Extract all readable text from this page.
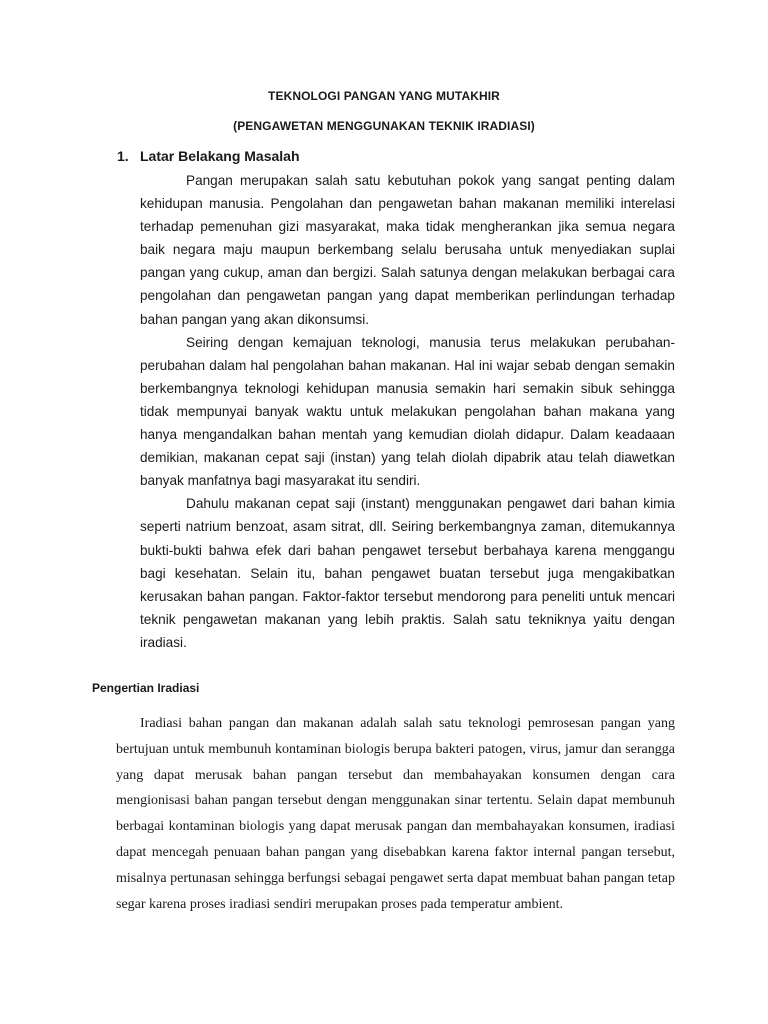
TEKNOLOGI PANGAN YANG MUTAKHIR
(PENGAWETAN MENGGUNAKAN TEKNIK IRADIASI)
1. Latar Belakang Masalah

Pangan merupakan salah satu kebutuhan pokok yang sangat penting dalam kehidupan manusia. Pengolahan dan pengawetan bahan makanan memiliki interelasi terhadap pemenuhan gizi masyarakat, maka tidak mengherankan jika semua negara baik negara maju maupun berkembang selalu berusaha untuk menyediakan suplai pangan yang cukup, aman dan bergizi. Salah satunya dengan melakukan berbagai cara pengolahan dan pengawetan pangan yang dapat memberikan perlindungan terhadap bahan pangan yang akan dikonsumsi.

Seiring dengan kemajuan teknologi, manusia terus melakukan perubahan-perubahan dalam hal pengolahan bahan makanan. Hal ini wajar sebab dengan semakin berkembangnya teknologi kehidupan manusia semakin hari semakin sibuk sehingga tidak mempunyai banyak waktu untuk melakukan pengolahan bahan makana yang hanya mengandalkan bahan mentah yang kemudian diolah didapur. Dalam keadaaan demikian, makanan cepat saji (instan) yang telah diolah dipabrik atau telah diawetkan banyak manfatnya bagi masyarakat itu sendiri.

Dahulu makanan cepat saji (instant) menggunakan pengawet dari bahan kimia seperti natrium benzoat, asam sitrat, dll. Seiring berkembangnya zaman, ditemukannya bukti-bukti bahwa efek dari bahan pengawet tersebut berbahaya karena menggangu bagi kesehatan. Selain itu, bahan pengawet buatan tersebut juga mengakibatkan kerusakan bahan pangan. Faktor-faktor tersebut mendorong para peneliti untuk mencari teknik pengawetan makanan yang lebih praktis. Salah satu tekniknya yaitu dengan iradiasi.

Pengertian Iradiasi

Iradiasi bahan pangan dan makanan adalah salah satu teknologi pemrosesan pangan yang bertujuan untuk membunuh kontaminan biologis berupa bakteri patogen, virus, jamur dan serangga yang dapat merusak bahan pangan tersebut dan membahayakan konsumen dengan cara mengionisasi bahan pangan tersebut dengan menggunakan sinar tertentu. Selain dapat membunuh berbagai kontaminan biologis yang dapat merusak pangan dan membahayakan konsumen, iradiasi dapat mencegah penuaan bahan pangan yang disebabkan karena faktor internal pangan tersebut, misalnya pertunasan sehingga berfungsi sebagai pengawet serta dapat membuat bahan pangan tetap segar karena proses iradiasi sendiri merupakan proses pada temperatur ambient.
